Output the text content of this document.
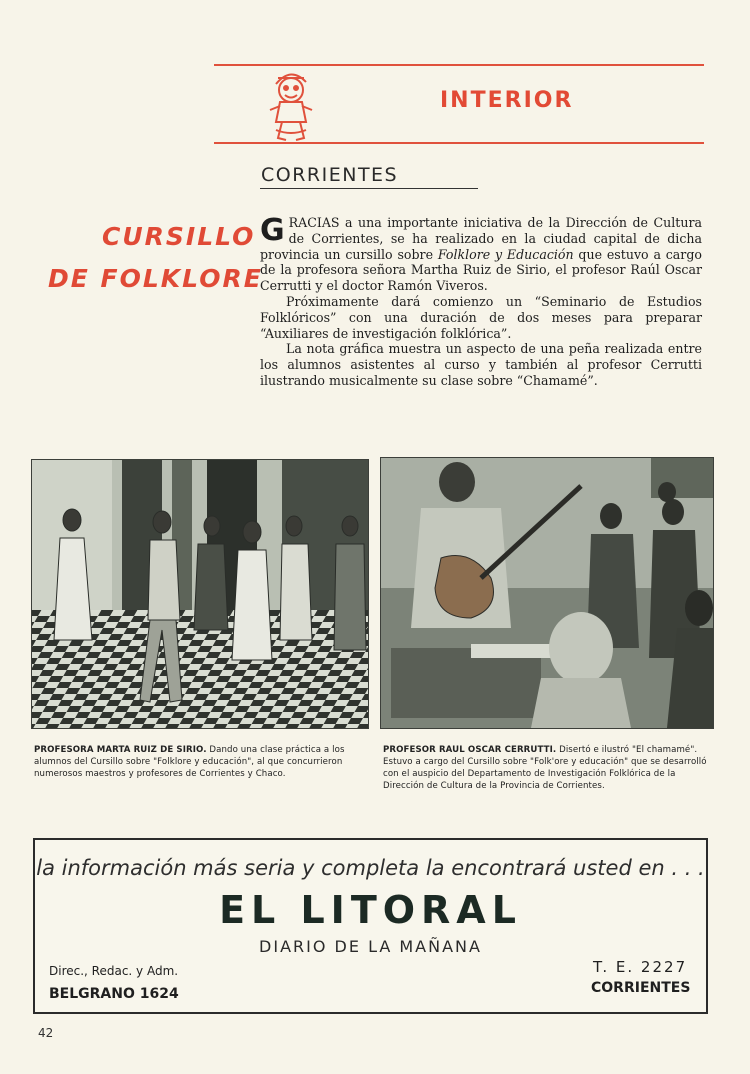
INTERIOR
CORRIENTES
CURSILLO
DE FOLKLORE

GRACIAS a una importante iniciativa de la Dirección de Cultura de Corrientes, se ha realizado en la ciudad capital de dicha provincia un cursillo sobre Folklore y Educación que estuvo a cargo de la profesora señora Martha Ruiz de Sirio, el profesor Raúl Oscar Cerrutti y el doctor Ramón Viveros.

Próximamente dará comienzo un “Seminario de Estudios Folklóricos” con una duración de dos meses para preparar “Auxiliares de investigación folklórica”.

La nota gráfica muestra un aspecto de una peña realizada entre los alumnos asistentes al curso y también al profesor Cerrutti ilustrando musicalmente su clase sobre “Chamamé”.

PROFESORA MARTA RUIZ DE SIRIO. Dando una clase práctica a los alumnos del Cursillo sobre "Folklore y educación", al que concurrieron numerosos maestros y profesores de Corrientes y Chaco.
PROFESOR RAUL OSCAR CERRUTTI. Disertó e ilustró "El chamamé". Estuvo a cargo del Cursillo sobre "Folk'ore y educación" que se desarrolló con el auspicio del Departamento de Investigación Folklórica de la Dirección de Cultura de la Provincia de Corrientes.
la información más seria y completa la encontrará usted en . . .
EL LITORAL
DIARIO DE LA MAÑANA
Direc., Redac. y Adm.
BELGRANO 1624
T. E. 2227
CORRIENTES
42
